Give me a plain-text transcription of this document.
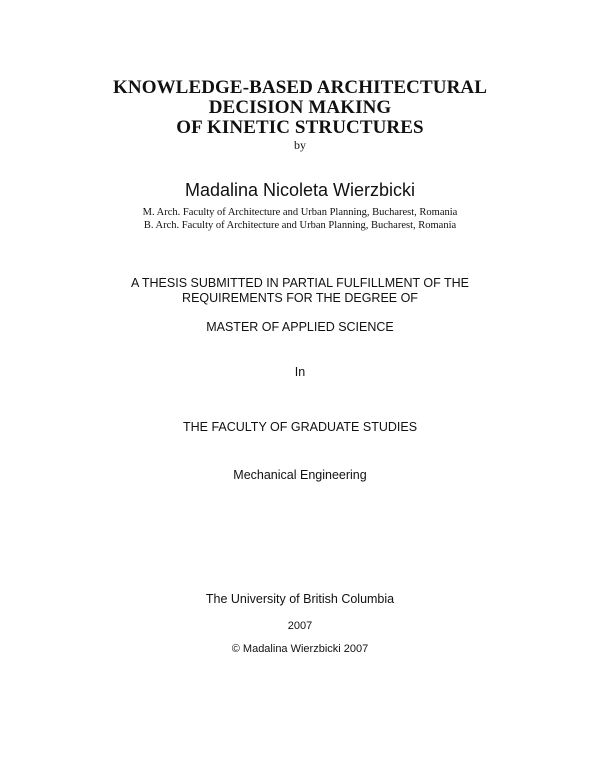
KNOWLEDGE-BASED ARCHITECTURAL
DECISION MAKING
OF KINETIC STRUCTURES
by
Madalina Nicoleta Wierzbicki
M. Arch. Faculty of Architecture and Urban Planning, Bucharest, Romania
B. Arch. Faculty of Architecture and Urban Planning, Bucharest, Romania
A THESIS SUBMITTED IN PARTIAL FULFILLMENT OF THE
REQUIREMENTS FOR THE DEGREE OF
MASTER OF APPLIED SCIENCE
In
THE FACULTY OF GRADUATE STUDIES
Mechanical Engineering
The University of British Columbia
2007
© Madalina Wierzbicki 2007
